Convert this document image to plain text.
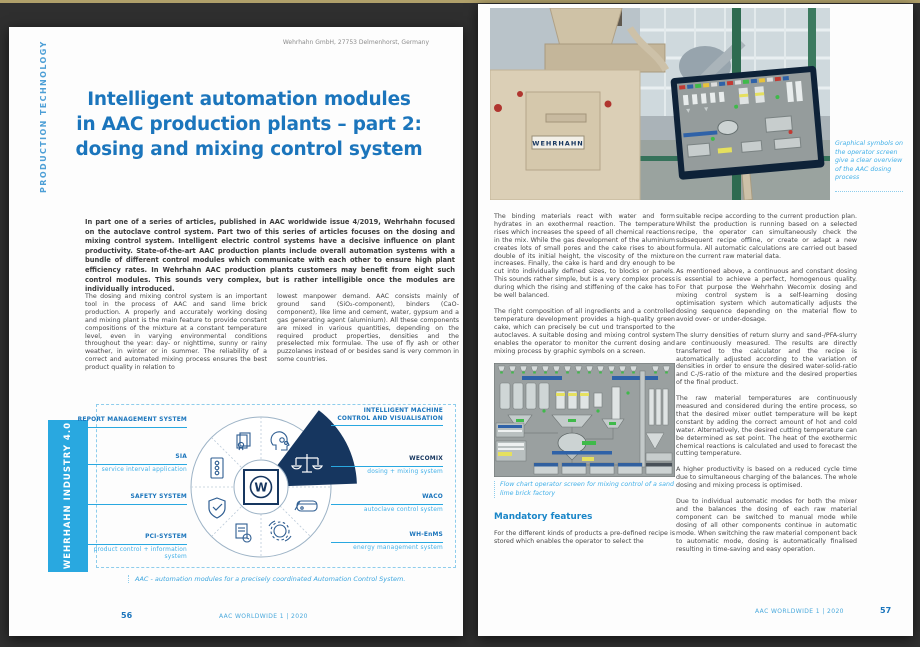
PRODUCTION TECHNOLOGY	Wehrhahn GmbH, 27753 Delmenhorst, Germany
Intelligent automation modules
in AAC production plants – part 2:
dosing and mixing control system
In part one of a series of articles, published in AAC worldwide issue 4/2019, Wehrhahn focused on the autoclave control system. Part two of this series of articles focuses on the dosing and mixing control system. Intelligent electric control systems have a decisive influence on plant productivity. State-of-the-art AAC production plants include overall automation systems with a bundle of different control modules which communicate with each other to ensure high plant efficiency rates. In Wehrhahn AAC production plants customers may benefit from eight such control modules. This sounds very complex, but is rather intelligible once the modules are individually introduced.
The dosing and mixing control system is an important tool in the process of AAC and sand lime brick production. A properly and accurately working dosing and mixing plant is the main feature to provide constant compositions of the mixture at a constant temperature level, even in varying environmental conditions throughout the year: day- or nighttime, sunny or rainy weather, in winter or in summer. The reliability of a correct and automated mixing process ensures the best product quality in relation to
lowest manpower demand. AAC consists mainly of ground sand (SiO₂-component), binders (CaO-component), like lime and cement, water, gypsum and a gas generating agent (aluminium). All these components are mixed in various quantities, depending on the required product properties, densities and the preselected mix formulae. The use of fly ash or other puzzolanes instead of or besides sand is very common in some countries.
WEHRHAHN INDUSTRY 4.0	W
REPORT MANAGEMENT SYSTEM
SIA
service interval application
SAFETY SYSTEM
PCI-SYSTEM
product control + information system
INTELLIGENT MACHINE CONTROL AND VISUALISATION
WECOMIX
dosing + mixing system
WACO
autoclave control system
WH-EnMS
energy management system
AAC - automation modules for a precisely coordinated Automation Control System.
56	AAC WORLDWIDE 1 | 2020
WEHRHAHN	Graphical symbols on the operator screen give a clear overview of the AAC dosing process

The binding materials react with water and form hydrates in an exothermal reaction. The temperature rises which increases the speed of all chemical reactions in the mix. While the gas development of the aluminium creates lots of small pores and the cake rises to about double of its initial height, the viscosity of the mixture increases. Finally, the cake is hard and dry enough to be cut into individually defined sizes, to blocks or panels. This sounds rather simple, but is a very complex process during which the rising and stiffening of the cake has to be well balanced.

The right composition of all ingredients and a controlled temperature development provides a high-quality green cake, which can precisely be cut und transported to the autoclaves. A suitable dosing and mixing control system enables the operator to monitor the current dosing and mixing process by graphic symbols on a screen.

Flow chart operator screen for mixing control of a sand lime brick factory
Mandatory features

For the different kinds of products a pre-defined recipe is stored which enables the operator to select the

suitable recipe according to the current production plan. Whilst the production is running based on a selected recipe, the operator can simultaneously check the subsequent recipe offline, or create or adapt a new formula. All automatic calculations are carried out based on the current raw material data.

As mentioned above, a continuous and constant dosing is essential to achieve a perfect, homogenous quality. For that purpose the Wehrhahn Wecomix dosing and mixing control system is a self-learning dosing optimisation system which automatically adjusts the dosing sequence depending on the material flow to avoid over- or under-dosage.

The slurry densities of return slurry and sand-/PFA-slurry are continuously measured. The results are directly transferred to the calculator and the recipe is automatically adjusted according to the variation of densities in order to ensure the desired water-solid-ratio and C-/S-ratio of the mixture and the desired properties of the final product.

The raw material temperatures are continuously measured and considered during the entire process, so that the desired mixer outlet temperature will be kept constant by adding the correct amount of hot and cold water. Alternatively, the desired cutting temperature can be determined as set point. The heat of the exothermic chemical reactions is calculated and used to forecast the cutting temperature.

A higher productivity is based on a reduced cycle time due to simultaneous charging of the balances. The whole dosing and mixing process is optimised.

Due to individual automatic modes for both the mixer and the balances the dosing of each raw material component can be switched to manual mode while dosing of all other components continue in automatic mode. When switching the raw material component back to automatic mode, dosing is automatically finalised resulting in time-saving and easy operation.

AAC WORLDWIDE 1 | 2020	57
